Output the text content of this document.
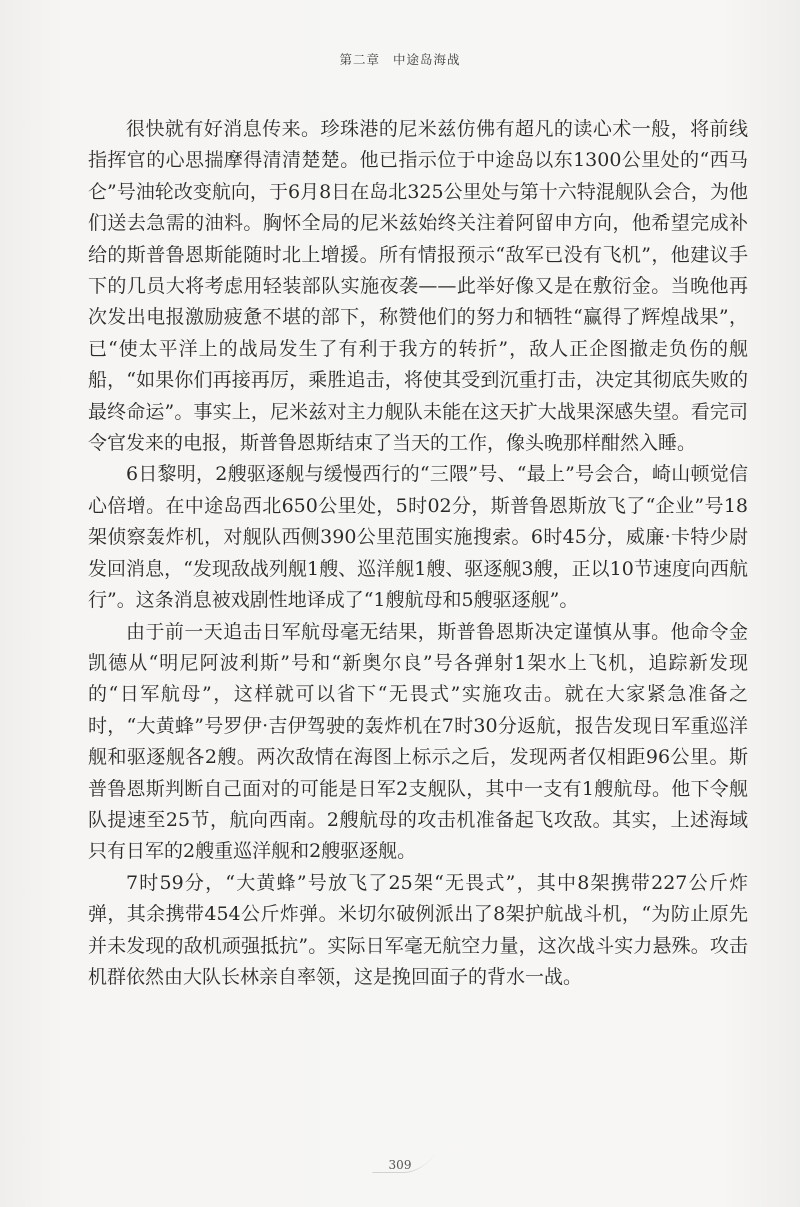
第二章 中途岛海战

很快就有好消息传来。珍珠港的尼米兹仿佛有超凡的读心术一般，将前线指挥官的心思揣摩得清清楚楚。他已指示位于中途岛以东1300公里处的“西马仑”号油轮改变航向，于6月8日在岛北325公里处与第十六特混舰队会合，为他们送去急需的油料。胸怀全局的尼米兹始终关注着阿留申方向，他希望完成补给的斯普鲁恩斯能随时北上增援。所有情报预示“敌军已没有飞机”，他建议手下的几员大将考虑用轻装部队实施夜袭——此举好像又是在敷衍金。当晚他再次发出电报激励疲惫不堪的部下，称赞他们的努力和牺牲“赢得了辉煌战果”，已“使太平洋上的战局发生了有利于我方的转折”，敌人正企图撤走负伤的舰船，“如果你们再接再厉，乘胜追击，将使其受到沉重打击，决定其彻底失败的最终命运”。事实上，尼米兹对主力舰队未能在这天扩大战果深感失望。看完司令官发来的电报，斯普鲁恩斯结束了当天的工作，像头晚那样酣然入睡。

6日黎明，2艘驱逐舰与缓慢西行的“三隈”号、“最上”号会合，崎山顿觉信心倍增。在中途岛西北650公里处，5时02分，斯普鲁恩斯放飞了“企业”号18架侦察轰炸机，对舰队西侧390公里范围实施搜索。6时45分，威廉·卡特少尉发回消息，“发现敌战列舰1艘、巡洋舰1艘、驱逐舰3艘，正以10节速度向西航行”。这条消息被戏剧性地译成了“1艘航母和5艘驱逐舰”。

由于前一天追击日军航母毫无结果，斯普鲁恩斯决定谨慎从事。他命令金凯德从“明尼阿波利斯”号和“新奥尔良”号各弹射1架水上飞机，追踪新发现的“日军航母”，这样就可以省下“无畏式”实施攻击。就在大家紧急准备之时，“大黄蜂”号罗伊·吉伊驾驶的轰炸机在7时30分返航，报告发现日军重巡洋舰和驱逐舰各2艘。两次敌情在海图上标示之后，发现两者仅相距96公里。斯普鲁恩斯判断自己面对的可能是日军2支舰队，其中一支有1艘航母。他下令舰队提速至25节，航向西南。2艘航母的攻击机准备起飞攻敌。其实，上述海域只有日军的2艘重巡洋舰和2艘驱逐舰。

7时59分，“大黄蜂”号放飞了25架“无畏式”，其中8架携带227公斤炸弹，其余携带454公斤炸弹。米切尔破例派出了8架护航战斗机，“为防止原先并未发现的敌机顽强抵抗”。实际日军毫无航空力量，这次战斗实力悬殊。攻击机群依然由大队长林亲自率领，这是挽回面子的背水一战。

309
